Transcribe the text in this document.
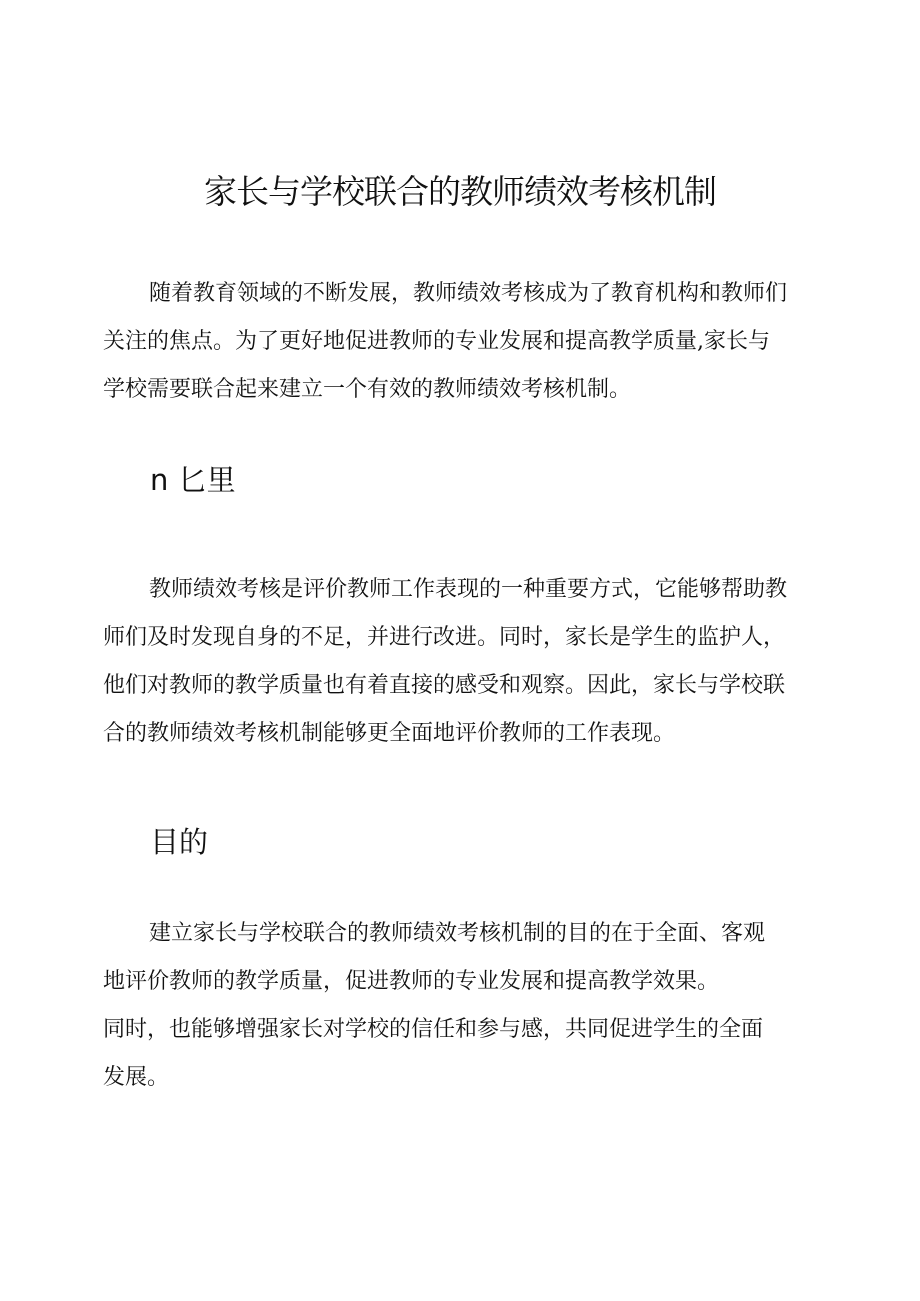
家长与学校联合的教师绩效考核机制
随着教育领域的不断发展，教师绩效考核成为了教育机构和教师们
关注的焦点。为了更好地促进教师的专业发展和提高教学质量,家长与
学校需要联合起来建立一个有效的教师绩效考核机制。
n 匕里
教师绩效考核是评价教师工作表现的一种重要方式，它能够帮助教
师们及时发现自身的不足，并进行改进。同时，家长是学生的监护人，
他们对教师的教学质量也有着直接的感受和观察。因此，家长与学校联
合的教师绩效考核机制能够更全面地评价教师的工作表现。
目的
建立家长与学校联合的教师绩效考核机制的目的在于全面、客观
地评价教师的教学质量，促进教师的专业发展和提高教学效果。
同时，也能够增强家长对学校的信任和参与感，共同促进学生的全面
发展。
